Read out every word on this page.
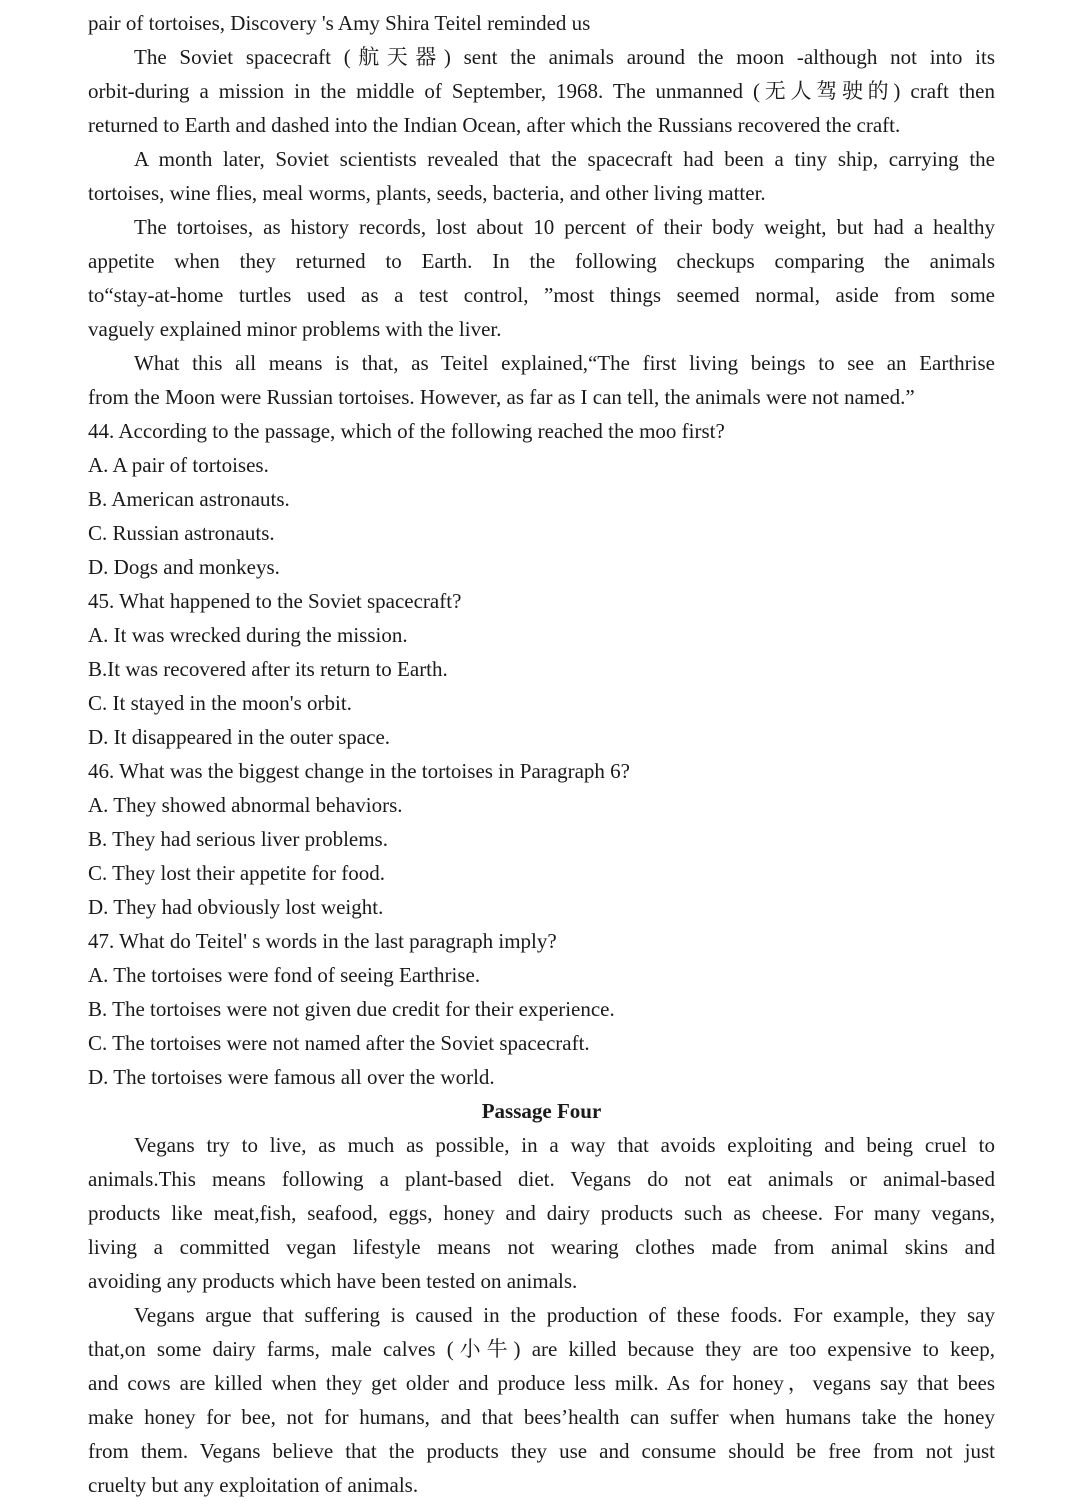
pair of tortoises, Discovery 's Amy Shira Teitel reminded us
The Soviet spacecraft (航天器) sent the animals around the moon -although not into its
orbit-during a mission in the middle of September, 1968. The unmanned (无人驾驶的) craft then
returned to Earth and dashed into the Indian Ocean, after which the Russians recovered the craft.
A month later, Soviet scientists revealed that the spacecraft had been a tiny ship, carrying the
tortoises, wine flies, meal worms, plants, seeds, bacteria, and other living matter.
The tortoises, as history records, lost about 10 percent of their body weight, but had a healthy
appetite when they returned to Earth. In the following checkups comparing the animals
to“stay-at-home turtles used as a test control, ”most things seemed normal, aside from some
vaguely explained minor problems with the liver.
What this all means is that, as Teitel explained,“The first living beings to see an Earthrise
from the Moon were Russian tortoises. However, as far as I can tell, the animals were not named.”
44. According to the passage, which of the following reached the moo first?
A. A pair of tortoises.
B. American astronauts.
C. Russian astronauts.
D. Dogs and monkeys.
45. What happened to the Soviet spacecraft?
A. It was wrecked during the mission.
B.It was recovered after its return to Earth.
C. It stayed in the moon's orbit.
D. It disappeared in the outer space.
46. What was the biggest change in the tortoises in Paragraph 6?
A. They showed abnormal behaviors.
B. They had serious liver problems.
C. They lost their appetite for food.
D. They had obviously lost weight.
47. What do Teitel' s words in the last paragraph imply?
A. The tortoises were fond of seeing Earthrise.
B. The tortoises were not given due credit for their experience.
C. The tortoises were not named after the Soviet spacecraft.
D. The tortoises were famous all over the world.
Passage Four
Vegans try to live, as much as possible, in a way that avoids exploiting and being cruel to
animals.This means following a plant-based diet. Vegans do not eat animals or animal-based
products like meat,fish, seafood, eggs, honey and dairy products such as cheese. For many vegans,
living a committed vegan lifestyle means not wearing clothes made from animal skins and
avoiding any products which have been tested on animals.
Vegans argue that suffering is caused in the production of these foods. For example, they say
that,on some dairy farms, male calves (小牛) are killed because they are too expensive to keep,
and cows are killed when they get older and produce less milk. As for honey，vegans say that bees
make honey for bee, not for humans, and that bees’health can suffer when humans take the honey
from them. Vegans believe that the products they use and consume should be free from not just
cruelty but any exploitation of animals.
